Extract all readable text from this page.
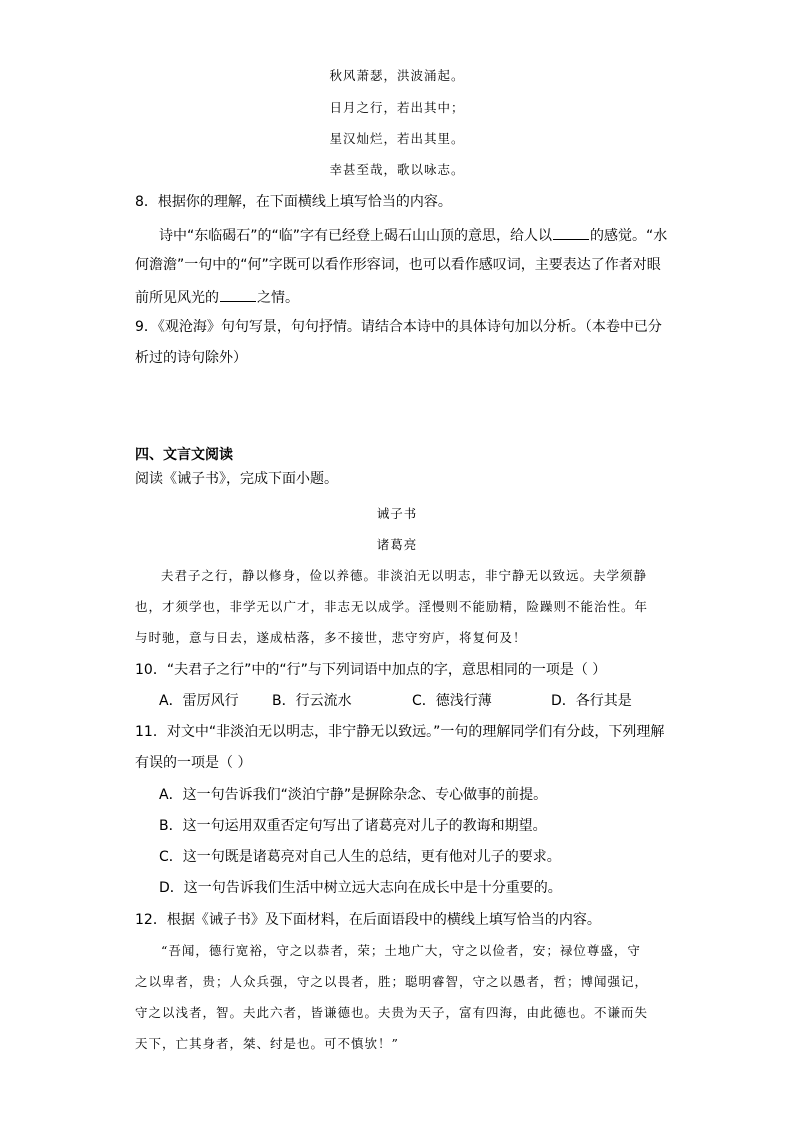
秋风萧瑟，洪波涌起。
日月之行，若出其中；
星汉灿烂，若出其里。
幸甚至哉，歌以咏志。
8．根据你的理解，在下面横线上填写恰当的内容。
诗中“东临碣石”的“临”字有已经登上碣石山山顶的意思，给人以	的感觉。“水
何澹澹”一句中的“何”字既可以看作形容词，也可以看作感叹词，主要表达了作者对眼
前所见风光的	之情。
9．《观沧海》句句写景，句句抒情。请结合本诗中的具体诗句加以分析。（本卷中已分
析过的诗句除外）
四、文言文阅读
阅读《诫子书》，完成下面小题。
诫子书
诸葛亮
夫君子之行，静以修身，俭以养德。非淡泊无以明志，非宁静无以致远。夫学须静
也，才须学也，非学无以广才，非志无以成学。淫慢则不能励精，险躁则不能治性。年
与时驰，意与日去，遂成枯落，多不接世，悲守穷庐，将复何及！
10．“夫君子之行”中的“行”与下列词语中加点的字，意思相同的一项是（ ）
A．雷厉风行 B．行云流水	C．德浅行薄	D．各行其是
11．对文中“非淡泊无以明志，非宁静无以致远。”一句的理解同学们有分歧，下列理解
有误的一项是（ ）
A．这一句告诉我们“淡泊宁静”是摒除杂念、专心做事的前提。
B．这一句运用双重否定句写出了诸葛亮对儿子的教诲和期望。
C．这一句既是诸葛亮对自己人生的总结，更有他对儿子的要求。
D．这一句告诉我们生活中树立远大志向在成长中是十分重要的。
12．根据《诫子书》及下面材料，在后面语段中的横线上填写恰当的内容。
“吾闻，德行宽裕，守之以恭者，荣；土地广大，守之以俭者，安；禄位尊盛，守
之以卑者，贵；人众兵强，守之以畏者，胜；聪明睿智，守之以愚者，哲；博闻强记，
守之以浅者，智。夫此六者，皆谦德也。夫贵为天子，富有四海，由此德也。不谦而失
天下，亡其身者，桀、纣是也。可不慎欤！”
